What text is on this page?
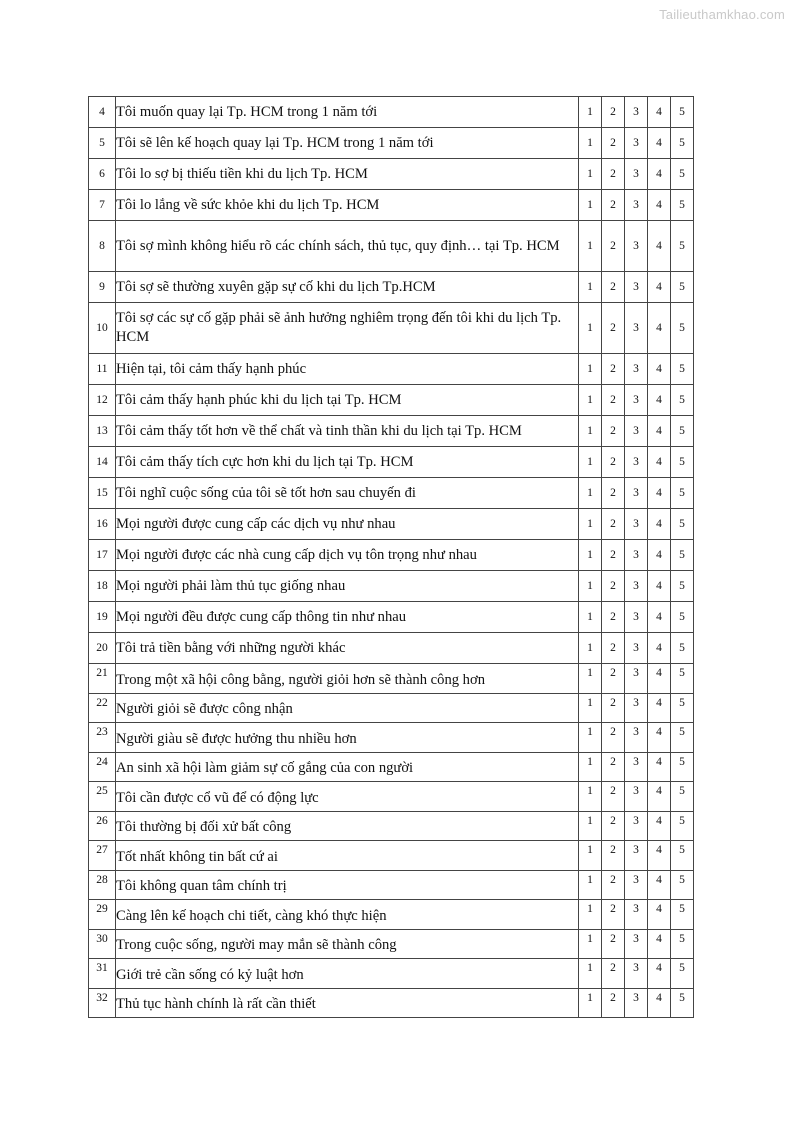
Tailieuthamkhao.com
4	Tôi muốn quay lại Tp. HCM trong 1 năm tới	1	2	3	4	5
5	Tôi sẽ lên kế hoạch quay lại Tp. HCM trong 1 năm tới	1	2	3	4	5
6	Tôi lo sợ bị thiếu tiền khi du lịch Tp. HCM	1	2	3	4	5
7	Tôi lo lắng về sức khỏe khi du lịch Tp. HCM	1	2	3	4	5
8	Tôi sợ mình không hiểu rõ các chính sách, thủ tục, quy định… tại Tp. HCM	1	2	3	4	5
9	Tôi sợ sẽ thường xuyên gặp sự cố khi du lịch Tp.HCM	1	2	3	4	5
10	Tôi sợ các sự cố gặp phải sẽ ảnh hưởng nghiêm trọng đến tôi khi du lịch Tp. HCM	1	2	3	4	5
11	Hiện tại, tôi cảm thấy hạnh phúc	1	2	3	4	5
12	Tôi cảm thấy hạnh phúc khi du lịch tại Tp. HCM	1	2	3	4	5
13	Tôi cảm thấy tốt hơn về thể chất và tinh thần khi du lịch tại Tp. HCM	1	2	3	4	5
14	Tôi cảm thấy tích cực hơn khi du lịch tại Tp. HCM	1	2	3	4	5
15	Tôi nghĩ cuộc sống của tôi sẽ tốt hơn sau chuyến đi	1	2	3	4	5
16	Mọi người được cung cấp các dịch vụ như nhau	1	2	3	4	5
17	Mọi người được các nhà cung cấp dịch vụ tôn trọng như nhau	1	2	3	4	5
18	Mọi người phải làm thủ tục giống nhau	1	2	3	4	5
19	Mọi người đều được cung cấp thông tin như nhau	1	2	3	4	5
20	Tôi trả tiền bằng với những người khác	1	2	3	4	5
21	Trong một xã hội công bằng, người giỏi hơn sẽ thành công hơn	1	2	3	4	5
22	Người giỏi sẽ được công nhận	1	2	3	4	5
23	Người giàu sẽ được hưởng thu nhiều hơn	1	2	3	4	5
24	An sinh xã hội làm giảm sự cố gắng của con người	1	2	3	4	5
25	Tôi cần được cổ vũ để có động lực	1	2	3	4	5
26	Tôi thường bị đối xử bất công	1	2	3	4	5
27	Tốt nhất không tin bất cứ ai	1	2	3	4	5
28	Tôi không quan tâm chính trị	1	2	3	4	5
29	Càng lên kế hoạch chi tiết, càng khó thực hiện	1	2	3	4	5
30	Trong cuộc sống, người may mắn sẽ thành công	1	2	3	4	5
31	Giới trẻ cần sống có kỷ luật hơn	1	2	3	4	5
32	Thủ tục hành chính là rất cần thiết	1	2	3	4	5
